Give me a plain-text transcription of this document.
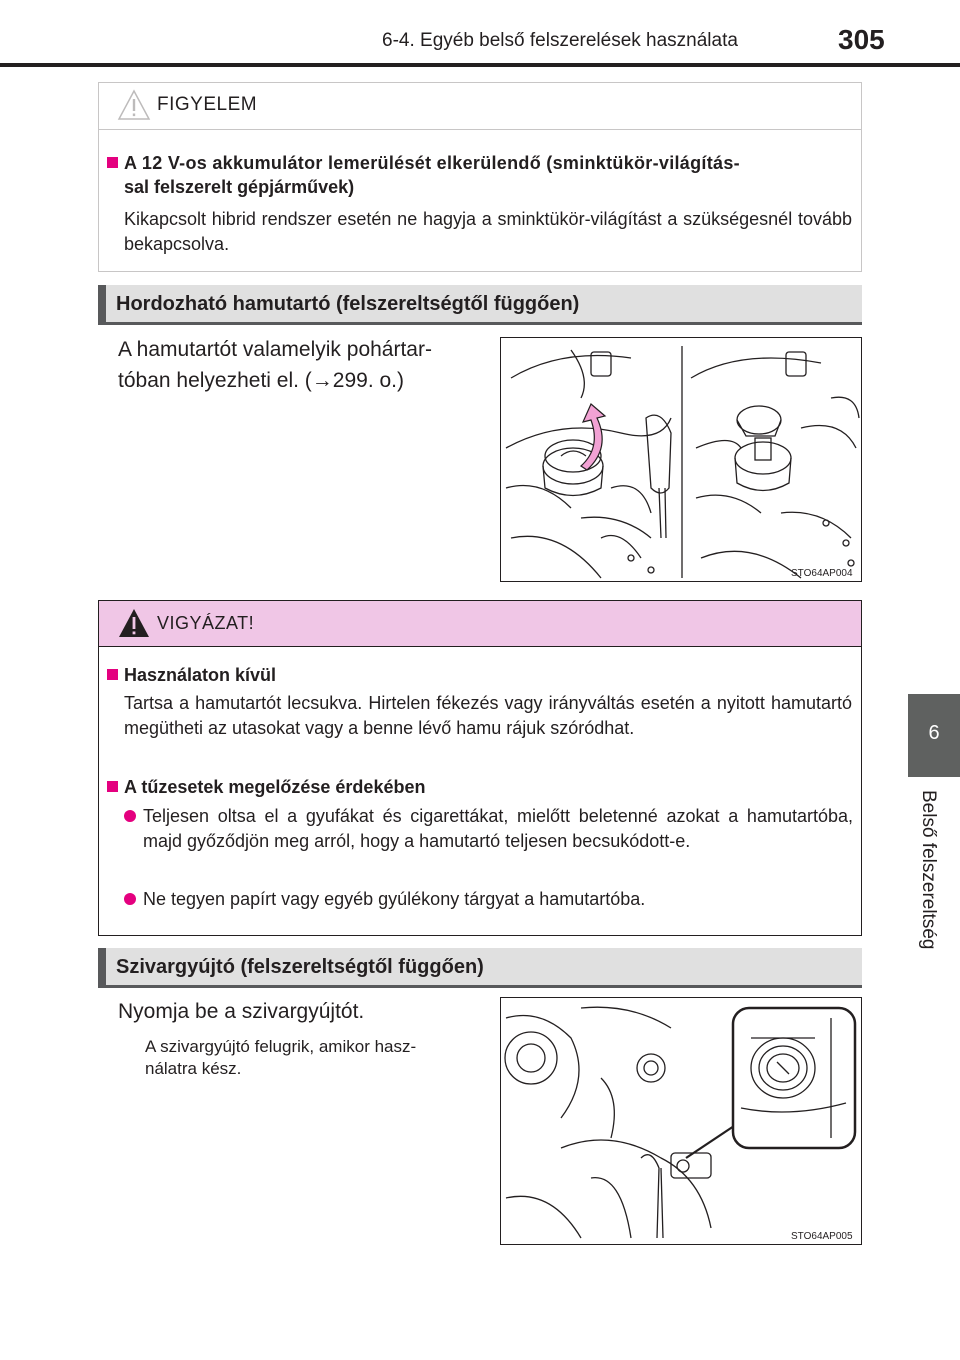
6-4. Egyéb belső felszerelések használata	305
6
Belső felszereltség
FIGYELEM
A 12 V-os akkumulátor lemerülését elkerülendő (sminktükör-világítás-
sal felszerelt gépjárművek)
Kikapcsolt hibrid rendszer esetén ne hagyja a sminktükör-világítást a szükségesnél tovább bekapcsolva.
Hordozható hamutartó (felszereltségtől függően)
A hamutartót valamelyik pohártar-
tóban helyezheti el. (→299. o.)
STO64AP004
VIGYÁZAT!
Használaton kívül
Tartsa a hamutartót lecsukva. Hirtelen fékezés vagy irányváltás esetén a nyitott hamutartó megütheti az utasokat vagy a benne lévő hamu rájuk szóródhat.
A tűzesetek megelőzése érdekében
Teljesen oltsa el a gyufákat és cigarettákat, mielőtt beletenné azokat a hamutartóba, majd győződjön meg arról, hogy a hamutartó teljesen becsukódott-e.
Ne tegyen papírt vagy egyéb gyúlékony tárgyat a hamutartóba.
Szivargyújtó (felszereltségtől függően)
Nyomja be a szivargyújtót.
A szivargyújtó felugrik, amikor hasz-
nálatra kész.
STO64AP005
